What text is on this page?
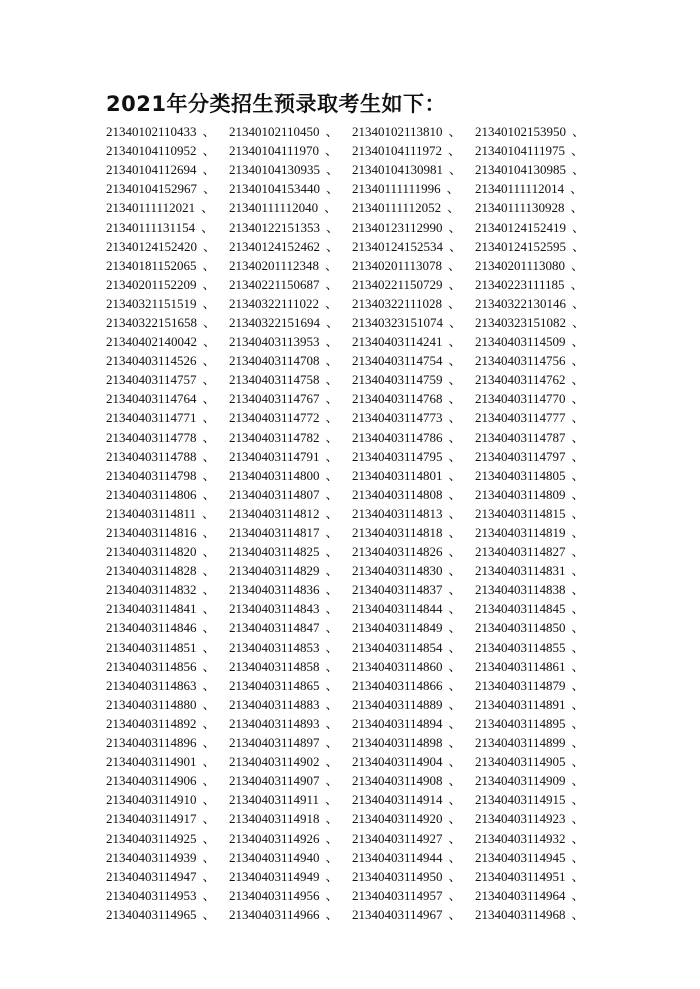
2021年分类招生预录取考生如下：
21340102110433 、	21340102110450 、	21340102113810 、	21340102153950 、
21340104110952 、	21340104111970 、	21340104111972 、	21340104111975 、
21340104112694 、	21340104130935 、 21340104130981 、 21340104130985 、
21340104152967 、 21340104153440 、 21340111111996 、	21340111112014 、
21340111112021 、	21340111112040 、	21340111112052 、	21340111130928 、
21340111131154 、	21340122151353 、 21340123112990 、	21340124152419 、
21340124152420 、 21340124152462 、 21340124152534 、 21340124152595 、
21340181152065 、	21340201112348 、	21340201113078 、	21340201113080 、
21340201152209 、	21340221150687 、	21340221150729 、	21340223111185 、
21340321151519 、	21340322111022 、	21340322111028 、	21340322130146 、
21340322151658 、 21340322151694 、 21340323151074 、 21340323151082 、
21340402140042 、 21340403113953 、	21340403114241 、	21340403114509 、
21340403114526 、	21340403114708 、	21340403114754 、	21340403114756 、
21340403114757 、	21340403114758 、	21340403114759 、	21340403114762 、
21340403114764 、	21340403114767 、	21340403114768 、	21340403114770 、
21340403114771 、	21340403114772 、	21340403114773 、	21340403114777 、
21340403114778 、	21340403114782 、	21340403114786 、	21340403114787 、
21340403114788 、	21340403114791 、	21340403114795 、	21340403114797 、
21340403114798 、	21340403114800 、	21340403114801 、	21340403114805 、
21340403114806 、	21340403114807 、	21340403114808 、	21340403114809 、
21340403114811 、	21340403114812 、	21340403114813 、	21340403114815 、
21340403114816 、	21340403114817 、	21340403114818 、	21340403114819 、
21340403114820 、	21340403114825 、	21340403114826 、	21340403114827 、
21340403114828 、	21340403114829 、	21340403114830 、	21340403114831 、
21340403114832 、	21340403114836 、	21340403114837 、	21340403114838 、
21340403114841 、	21340403114843 、	21340403114844 、	21340403114845 、
21340403114846 、	21340403114847 、	21340403114849 、	21340403114850 、
21340403114851 、	21340403114853 、	21340403114854 、	21340403114855 、
21340403114856 、	21340403114858 、	21340403114860 、	21340403114861 、
21340403114863 、	21340403114865 、	21340403114866 、	21340403114879 、
21340403114880 、	21340403114883 、	21340403114889 、	21340403114891 、
21340403114892 、	21340403114893 、	21340403114894 、	21340403114895 、
21340403114896 、	21340403114897 、	21340403114898 、	21340403114899 、
21340403114901 、	21340403114902 、	21340403114904 、	21340403114905 、
21340403114906 、	21340403114907 、	21340403114908 、	21340403114909 、
21340403114910 、	21340403114911 、	21340403114914 、	21340403114915 、
21340403114917 、	21340403114918 、	21340403114920 、	21340403114923 、
21340403114925 、	21340403114926 、	21340403114927 、	21340403114932 、
21340403114939 、	21340403114940 、	21340403114944 、	21340403114945 、
21340403114947 、	21340403114949 、	21340403114950 、	21340403114951 、
21340403114953 、	21340403114956 、	21340403114957 、	21340403114964 、
21340403114965 、	21340403114966 、	21340403114967 、	21340403114968 、
